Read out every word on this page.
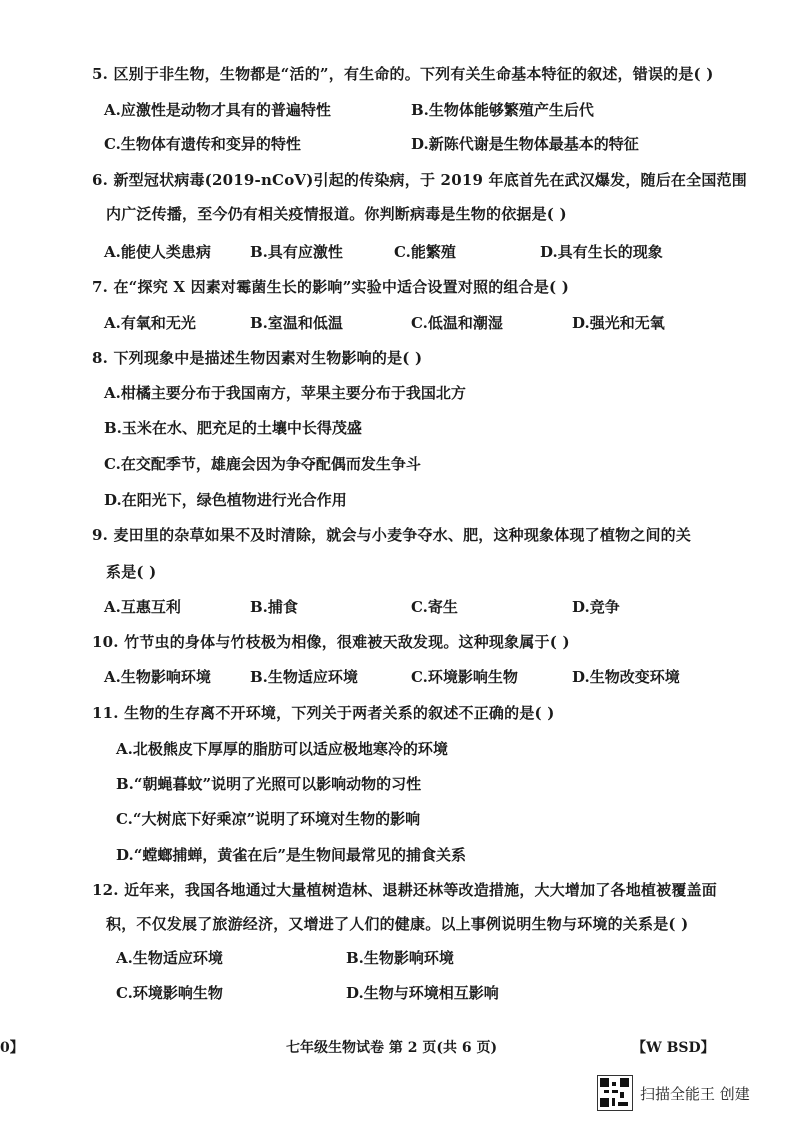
5. 区别于非生物，生物都是“活的”，有生命的。下列有关生命基本特征的叙述，错误的是( )
A.应激性是动物才具有的普遍特性	B.生物体能够繁殖产生后代
C.生物体有遗传和变异的特性	D.新陈代谢是生物体最基本的特征
6. 新型冠状病毒(2019-nCoV)引起的传染病，于 2019 年底首先在武汉爆发，随后在全国范围
内广泛传播，至今仍有相关疫情报道。你判断病毒是生物的依据是( )
A.能使人类患病	B.具有应激性	C.能繁殖	D.具有生长的现象
7. 在“探究 X 因素对霉菌生长的影响”实验中适合设置对照的组合是( )
A.有氧和无光	B.室温和低温	C.低温和潮湿	D.强光和无氧
8. 下列现象中是描述生物因素对生物影响的是( )
A.柑橘主要分布于我国南方，苹果主要分布于我国北方
B.玉米在水、肥充足的土壤中长得茂盛
C.在交配季节，雄鹿会因为争夺配偶而发生争斗
D.在阳光下，绿色植物进行光合作用
9. 麦田里的杂草如果不及时清除，就会与小麦争夺水、肥，这种现象体现了植物之间的关
系是( )
A.互惠互利	B.捕食	C.寄生	D.竞争
10. 竹节虫的身体与竹枝极为相像，很难被天敌发现。这种现象属于( )
A.生物影响环境	B.生物适应环境	C.环境影响生物	D.生物改变环境
11. 生物的生存离不开环境，下列关于两者关系的叙述不正确的是( )
A.北极熊皮下厚厚的脂肪可以适应极地寒冷的环境
B.“朝蝇暮蚊”说明了光照可以影响动物的习性
C.“大树底下好乘凉”说明了环境对生物的影响
D.“螳螂捕蝉，黄雀在后”是生物间最常见的捕食关系
12. 近年来，我国各地通过大量植树造林、退耕还林等改造措施，大大增加了各地植被覆盖面
积，不仅发展了旅游经济，又增进了人们的健康。以上事例说明生物与环境的关系是( )
A.生物适应环境	B.生物影响环境
C.环境影响生物	D.生物与环境相互影响
0】	七年级生物试卷 第 2 页(共 6 页)	【W BSD】
扫描全能王 创建
